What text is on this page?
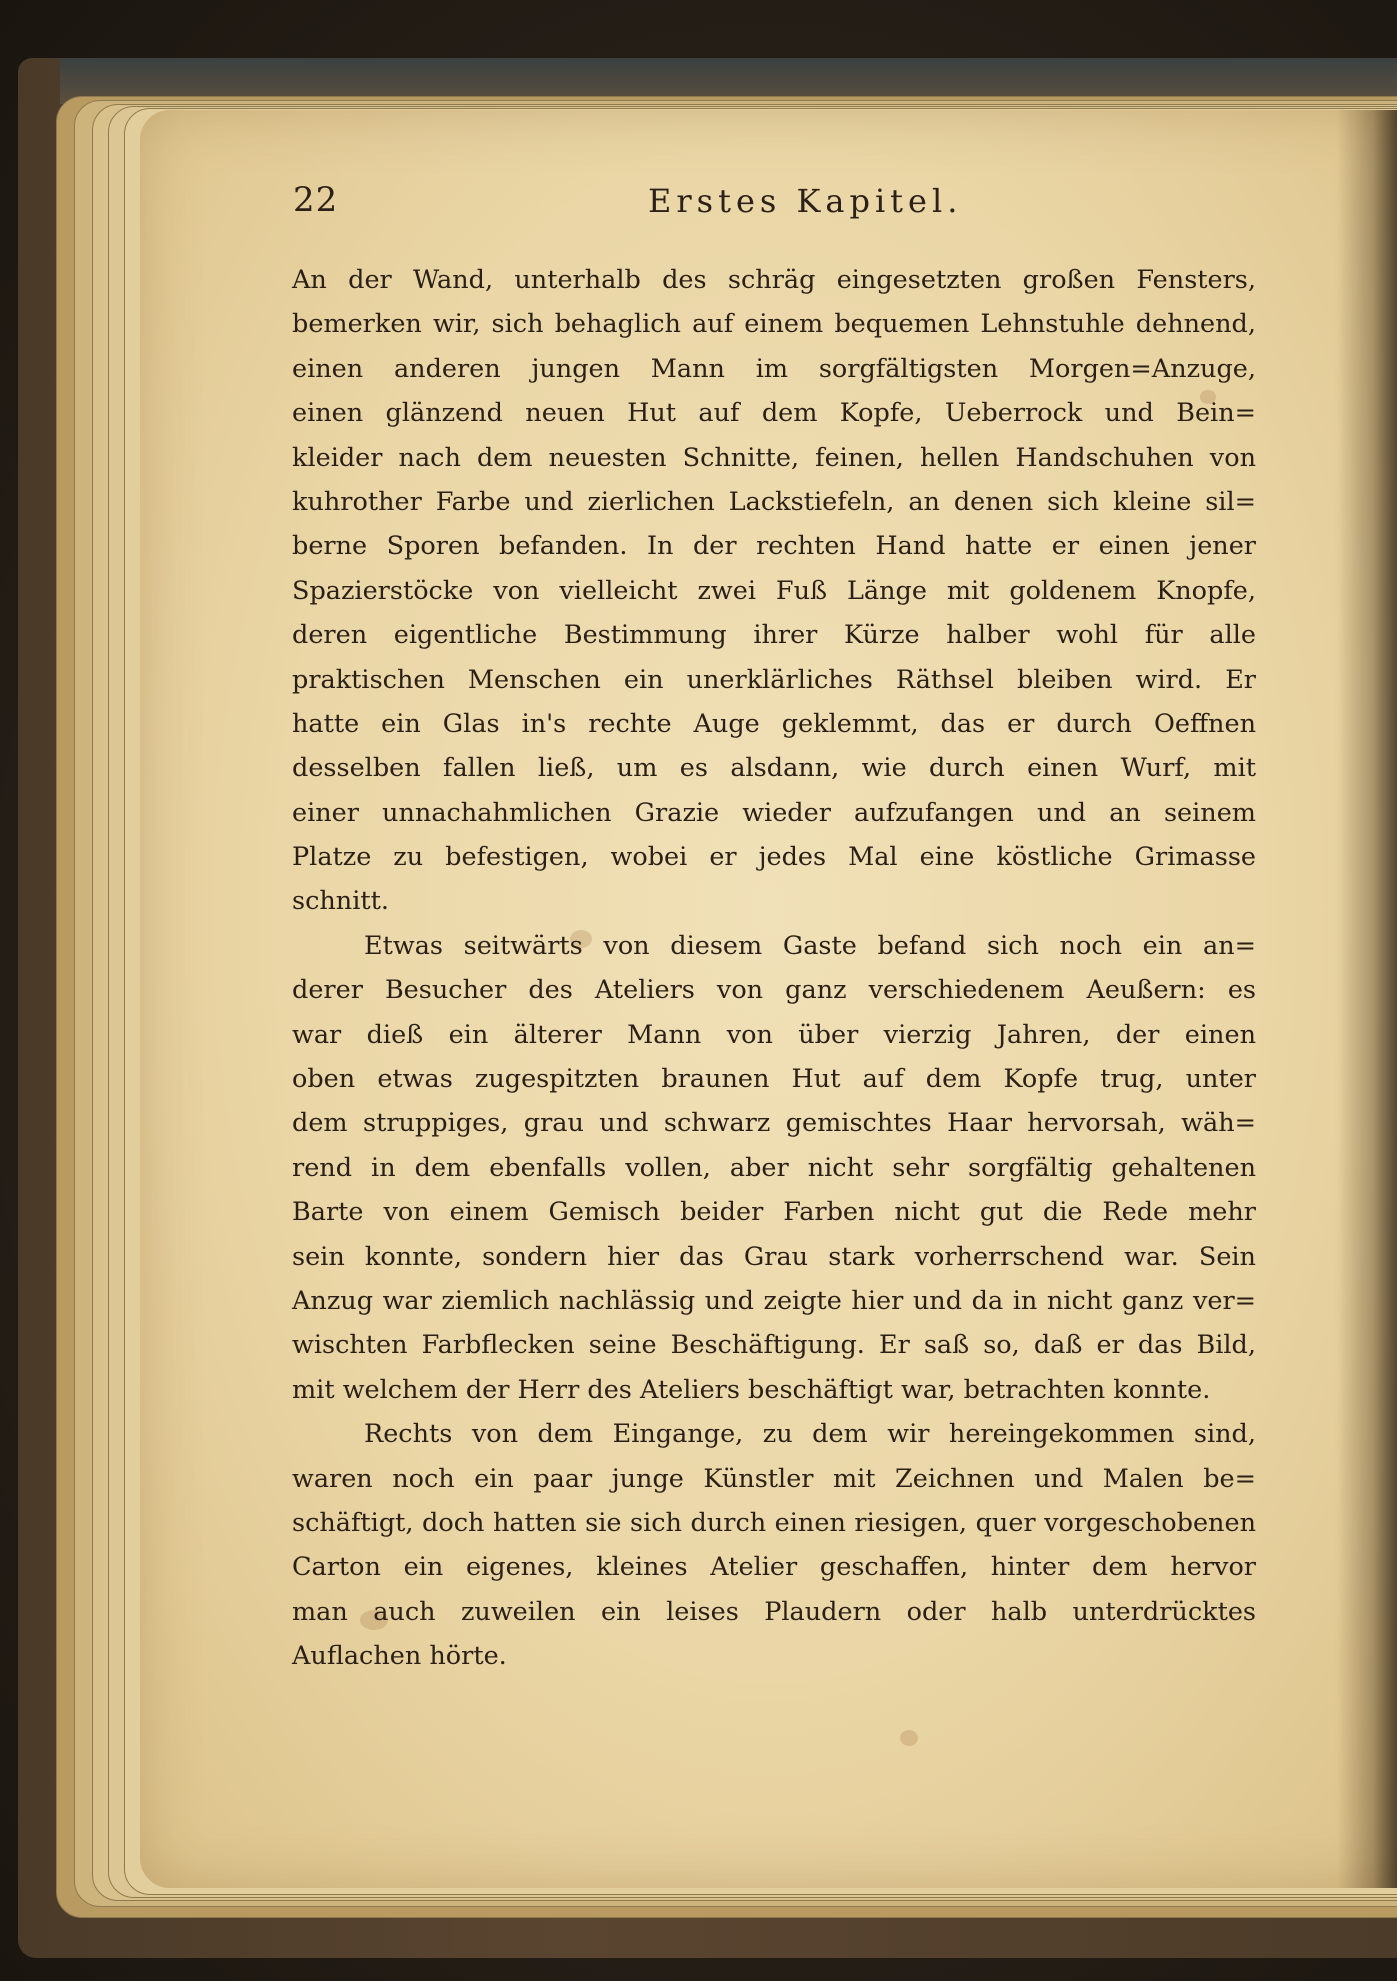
22	Erstes Kapitel.
An der Wand, unterhalb des schräg eingesetzten großen Fensters,
bemerken wir, sich behaglich auf einem bequemen Lehnstuhle dehnend,
einen anderen jungen Mann im sorgfältigsten Morgen=Anzuge,
einen glänzend neuen Hut auf dem Kopfe, Ueberrock und Bein=
kleider nach dem neuesten Schnitte, feinen, hellen Handschuhen von
kuhrother Farbe und zierlichen Lackstiefeln, an denen sich kleine sil=
berne Sporen befanden. In der rechten Hand hatte er einen jener
Spazierstöcke von vielleicht zwei Fuß Länge mit goldenem Knopfe,
deren eigentliche Bestimmung ihrer Kürze halber wohl für alle
praktischen Menschen ein unerklärliches Räthsel bleiben wird. Er
hatte ein Glas in's rechte Auge geklemmt, das er durch Oeffnen
desselben fallen ließ, um es alsdann, wie durch einen Wurf, mit
einer unnachahmlichen Grazie wieder aufzufangen und an seinem
Platze zu befestigen, wobei er jedes Mal eine köstliche Grimasse
schnitt.
Etwas seitwärts von diesem Gaste befand sich noch ein an=
derer Besucher des Ateliers von ganz verschiedenem Aeußern: es
war dieß ein älterer Mann von über vierzig Jahren, der einen
oben etwas zugespitzten braunen Hut auf dem Kopfe trug, unter
dem struppiges, grau und schwarz gemischtes Haar hervorsah, wäh=
rend in dem ebenfalls vollen, aber nicht sehr sorgfältig gehaltenen
Barte von einem Gemisch beider Farben nicht gut die Rede mehr
sein konnte, sondern hier das Grau stark vorherrschend war. Sein
Anzug war ziemlich nachlässig und zeigte hier und da in nicht ganz ver=
wischten Farbflecken seine Beschäftigung. Er saß so, daß er das Bild,
mit welchem der Herr des Ateliers beschäftigt war, betrachten konnte.
Rechts von dem Eingange, zu dem wir hereingekommen sind,
waren noch ein paar junge Künstler mit Zeichnen und Malen be=
schäftigt, doch hatten sie sich durch einen riesigen, quer vorgeschobenen
Carton ein eigenes, kleines Atelier geschaffen, hinter dem hervor
man auch zuweilen ein leises Plaudern oder halb unterdrücktes
Auflachen hörte.
